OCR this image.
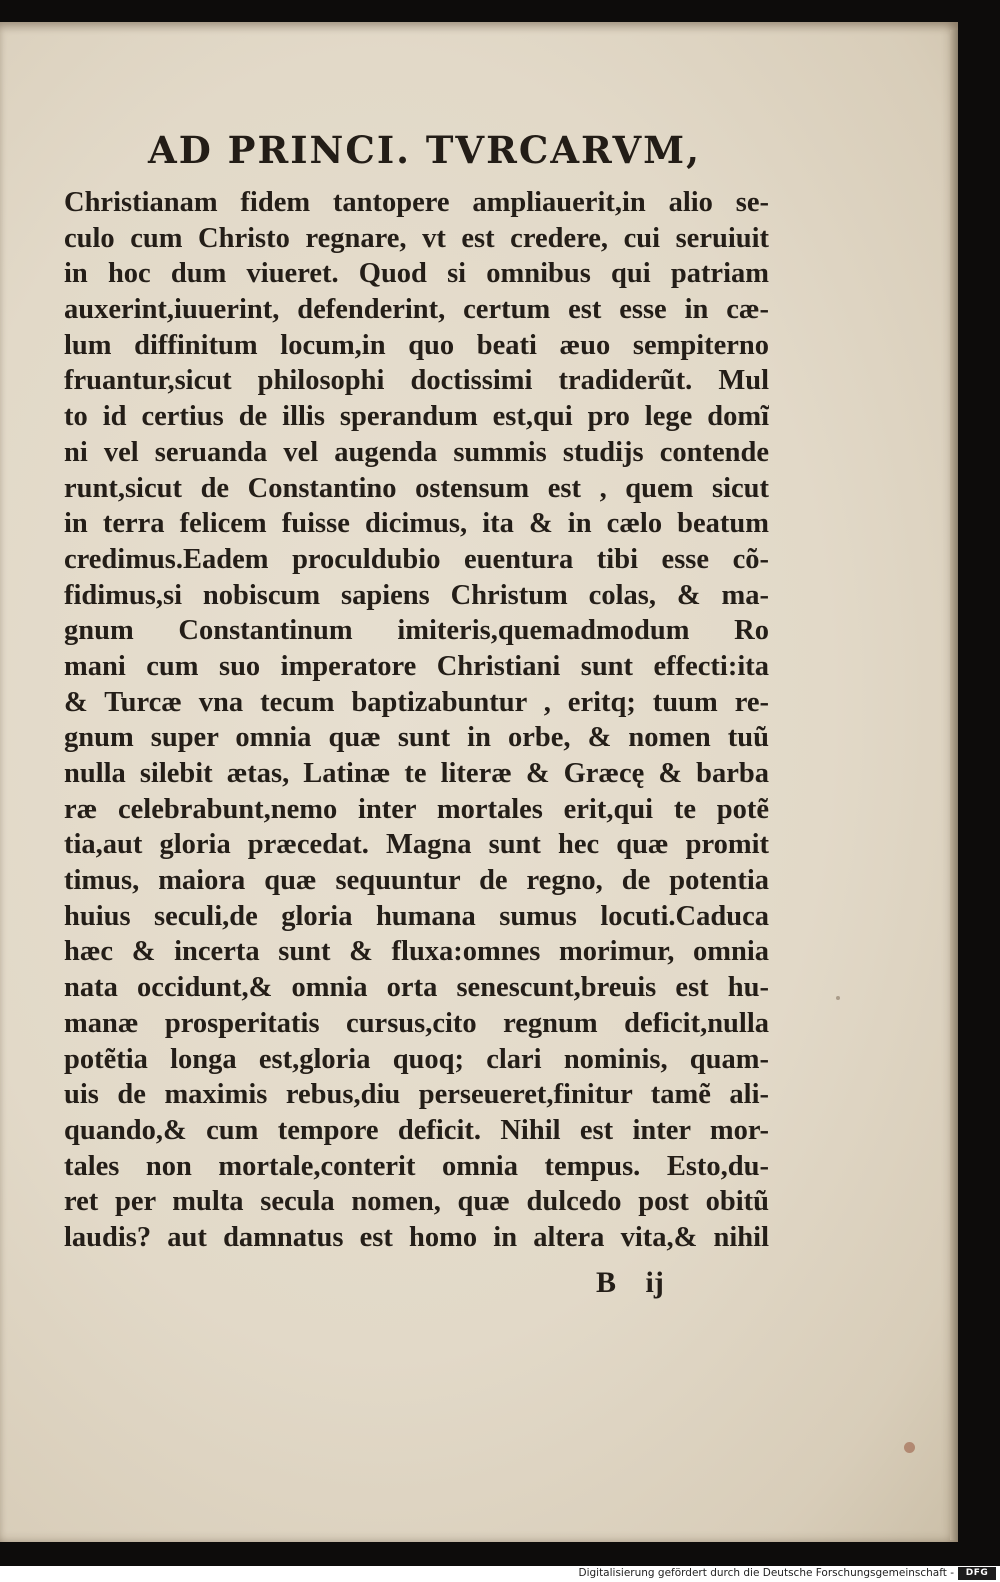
AD PRINCI. TVRCARVM,
Christianam fidem tantopere ampliauerit,in alio se-
culo cum Christo regnare, vt est credere, cui seruiuit
in hoc dum viueret. Quod si omnibus qui patriam
auxerint,iuuerint, defenderint, certum est esse in cæ-
lum diffinitum locum,in quo beati æuo sempiterno
fruantur,sicut philosophi doctissimi tradiderũt. Mul
to id certius de illis sperandum est,qui pro lege domĩ
ni vel seruanda vel augenda summis studijs contende
runt,sicut de Constantino ostensum est , quem sicut
in terra felicem fuisse dicimus, ita & in cælo beatum
credimus.Eadem proculdubio euentura tibi esse cõ-
fidimus,si nobiscum sapiens Christum colas, & ma-
gnum Constantinum imiteris,quemadmodum Ro
mani cum suo imperatore Christiani sunt effecti:ita
& Turcæ vna tecum baptizabuntur , eritq; tuum re-
gnum super omnia quæ sunt in orbe, & nomen tuũ
nulla silebit ætas, Latinæ te literæ & Græcę & barba
ræ celebrabunt,nemo inter mortales erit,qui te potẽ
tia,aut gloria præcedat. Magna sunt hec quæ promit
timus, maiora quæ sequuntur de regno, de potentia
huius seculi,de gloria humana sumus locuti.Caduca
hæc & incerta sunt & fluxa:omnes morimur, omnia
nata occidunt,& omnia orta senescunt,breuis est hu-
manæ prosperitatis cursus,cito regnum deficit,nulla
potẽtia longa est,gloria quoq; clari nominis, quam-
uis de maximis rebus,diu perseueret,finitur tamẽ ali-
quando,& cum tempore deficit. Nihil est inter mor-
tales non mortale,conterit omnia tempus. Esto,du-
ret per multa secula nomen, quæ dulcedo post obitũ
laudis? aut damnatus est homo in altera vita,& nihil
B ij
Digitalisierung gefördert durch die Deutsche Forschungsgemeinschaft -	DFG
